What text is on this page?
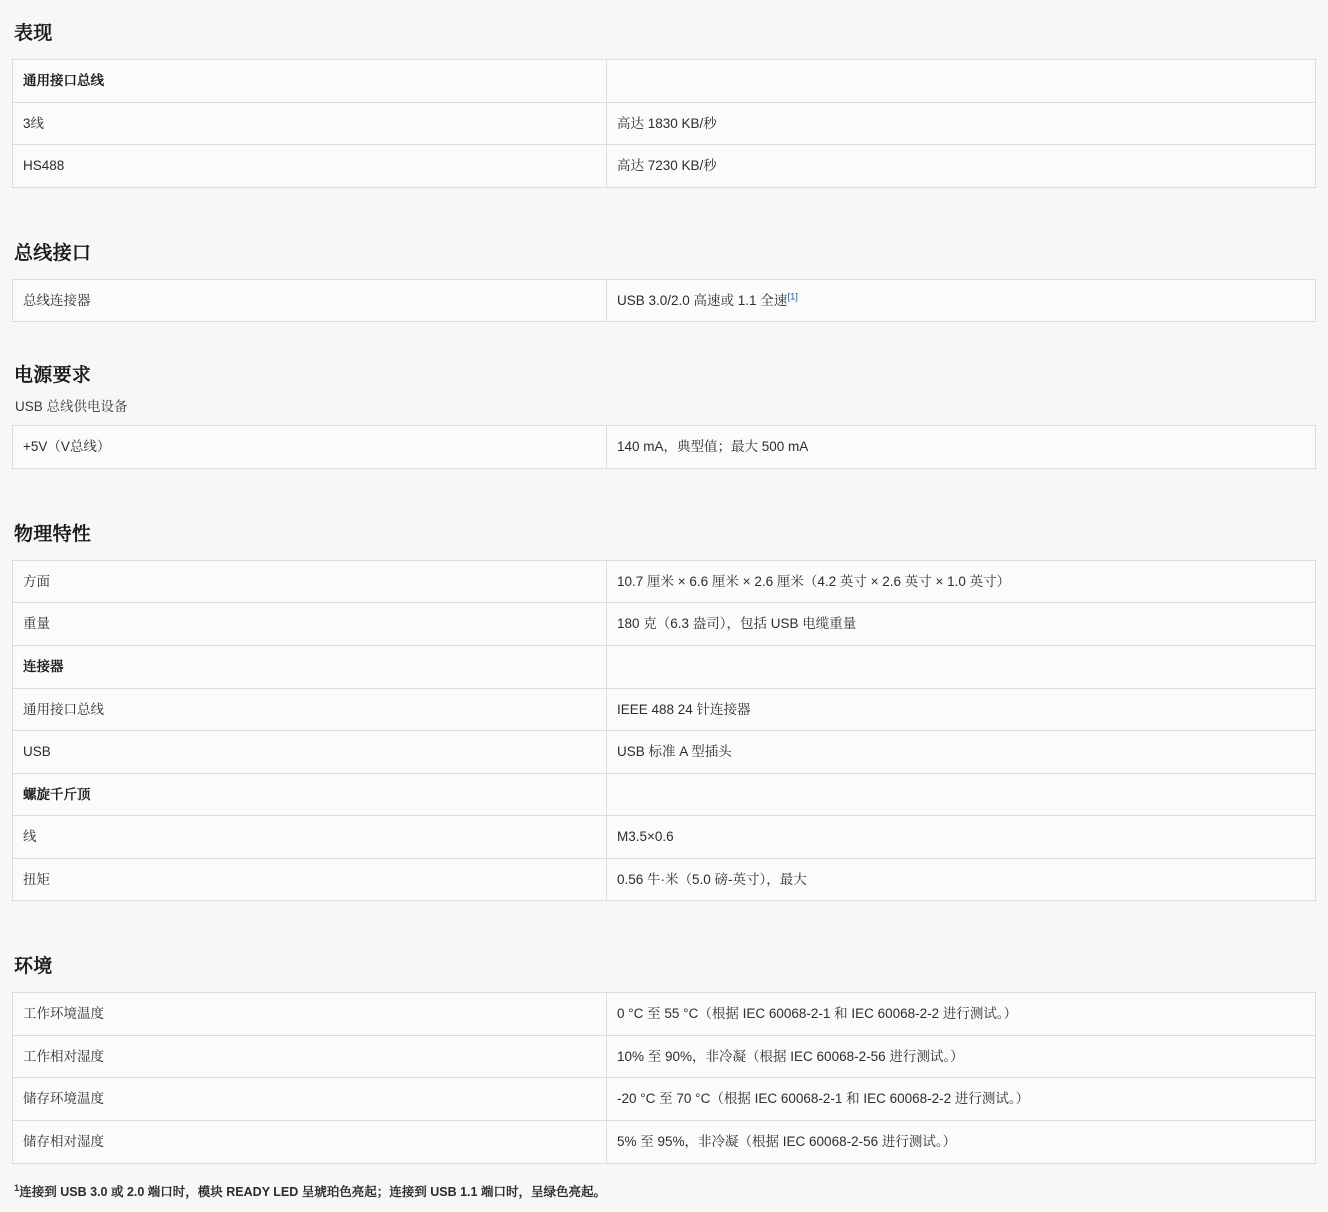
表现
通用接口总线	
3线	高达 1830 KB/秒
HS488	高达 7230 KB/秒
总线接口
总线连接器	USB 3.0/2.0 高速或 1.1 全速[1]
电源要求
USB 总线供电设备
+5V（V总线）	140 mA，典型值；最大 500 mA
物理特性
方面	10.7 厘米 × 6.6 厘米 × 2.6 厘米（4.2 英寸 × 2.6 英寸 × 1.0 英寸）
重量	180 克（6.3 盎司），包括 USB 电缆重量
连接器	
通用接口总线	IEEE 488 24 针连接器
USB	USB 标准 A 型插头
螺旋千斤顶	
线	M3.5×0.6
扭矩	0.56 牛·米（5.0 磅-英寸），最大
环境
工作环境温度	0 °C 至 55 °C（根据 IEC 60068-2-1 和 IEC 60068-2-2 进行测试。）
工作相对湿度	10% 至 90%，非冷凝（根据 IEC 60068-2-56 进行测试。）
储存环境温度	-20 °C 至 70 °C（根据 IEC 60068-2-1 和 IEC 60068-2-2 进行测试。）
储存相对湿度	5% 至 95%，非冷凝（根据 IEC 60068-2-56 进行测试。）
$^1$连接到 USB 3.0 或 2.0 端口时，模块 READY LED 呈琥珀色亮起；连接到 USB 1.1 端口时，呈绿色亮起。
